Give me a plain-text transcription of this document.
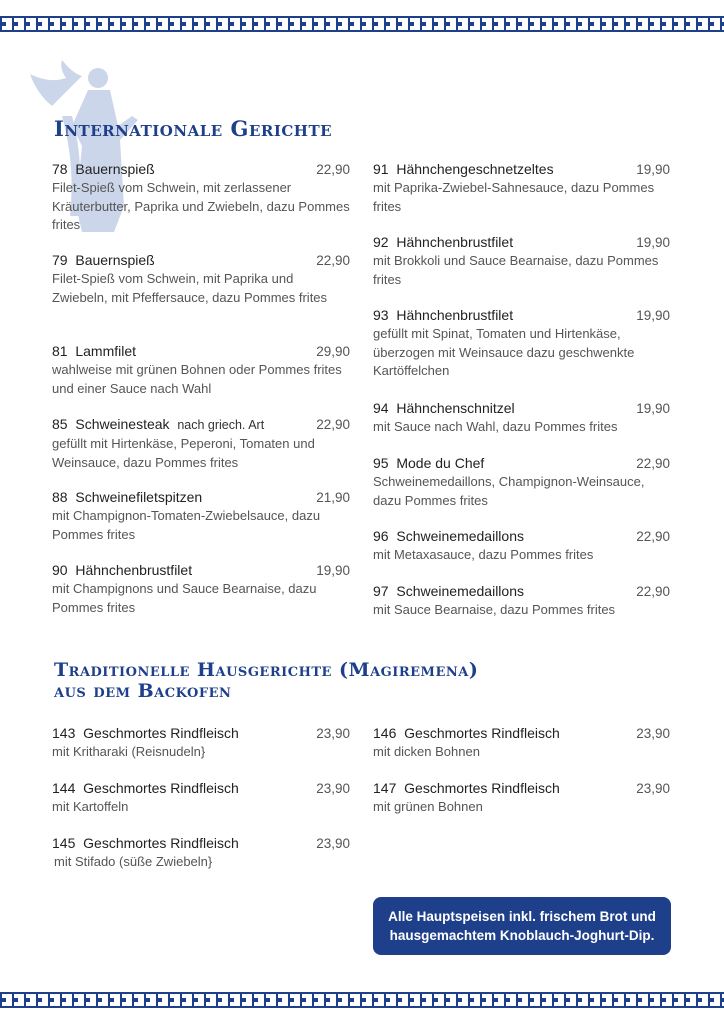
Internationale Gerichte
78 Bauernspieß	22,90
Filet-Spieß vom Schwein, mit zerlassener Kräuterbutter, Paprika und Zwiebeln, dazu Pommes frites
79 Bauernspieß	22,90
Filet-Spieß vom Schwein, mit Paprika und Zwiebeln, mit Pfeffersauce, dazu Pommes frites
81 Lammfilet	29,90
wahlweise mit grünen Bohnen oder Pommes frites und einer Sauce nach Wahl
85 Schweinesteak nach griech. Art	22,90
gefüllt mit Hirtenkäse, Peperoni, Tomaten und Weinsauce, dazu Pommes frites
88 Schweinefiletspitzen	21,90
mit Champignon-Tomaten-Zwiebelsauce, dazu Pommes frites
90 Hähnchenbrustfilet	19,90
mit Champignons und Sauce Bearnaise, dazu Pommes frites
91 Hähnchengeschnetzeltes	19,90
mit Paprika-Zwiebel-Sahnesauce, dazu Pommes frites
92 Hähnchenbrustfilet	19,90
mit Brokkoli und Sauce Bearnaise, dazu Pommes frites
93 Hähnchenbrustfilet	19,90
gefüllt mit Spinat, Tomaten und Hirtenkäse, überzogen mit Weinsauce dazu geschwenkte Kartöffelchen
94 Hähnchenschnitzel	19,90
mit Sauce nach Wahl, dazu Pommes frites
95 Mode du Chef	22,90
Schweinemedaillons, Champignon-Weinsauce, dazu Pommes frites
96 Schweinemedaillons	22,90
mit Metaxasauce, dazu Pommes frites
97 Schweinemedaillons	22,90
mit Sauce Bearnaise, dazu Pommes frites
Traditionelle Hausgerichte (Magiremena)
aus dem Backofen
143 Geschmortes Rindfleisch	23,90
mit Kritharaki (Reisnudeln}
144 Geschmortes Rindfleisch	23,90
mit Kartoffeln
145 Geschmortes Rindfleisch	23,90
mit Stifado (süße Zwiebeln}
146 Geschmortes Rindfleisch	23,90
mit dicken Bohnen
147 Geschmortes Rindfleisch	23,90
mit grünen Bohnen
Alle Hauptspeisen inkl. frischem Brot und
hausgemachtem Knoblauch-Joghurt-Dip.
